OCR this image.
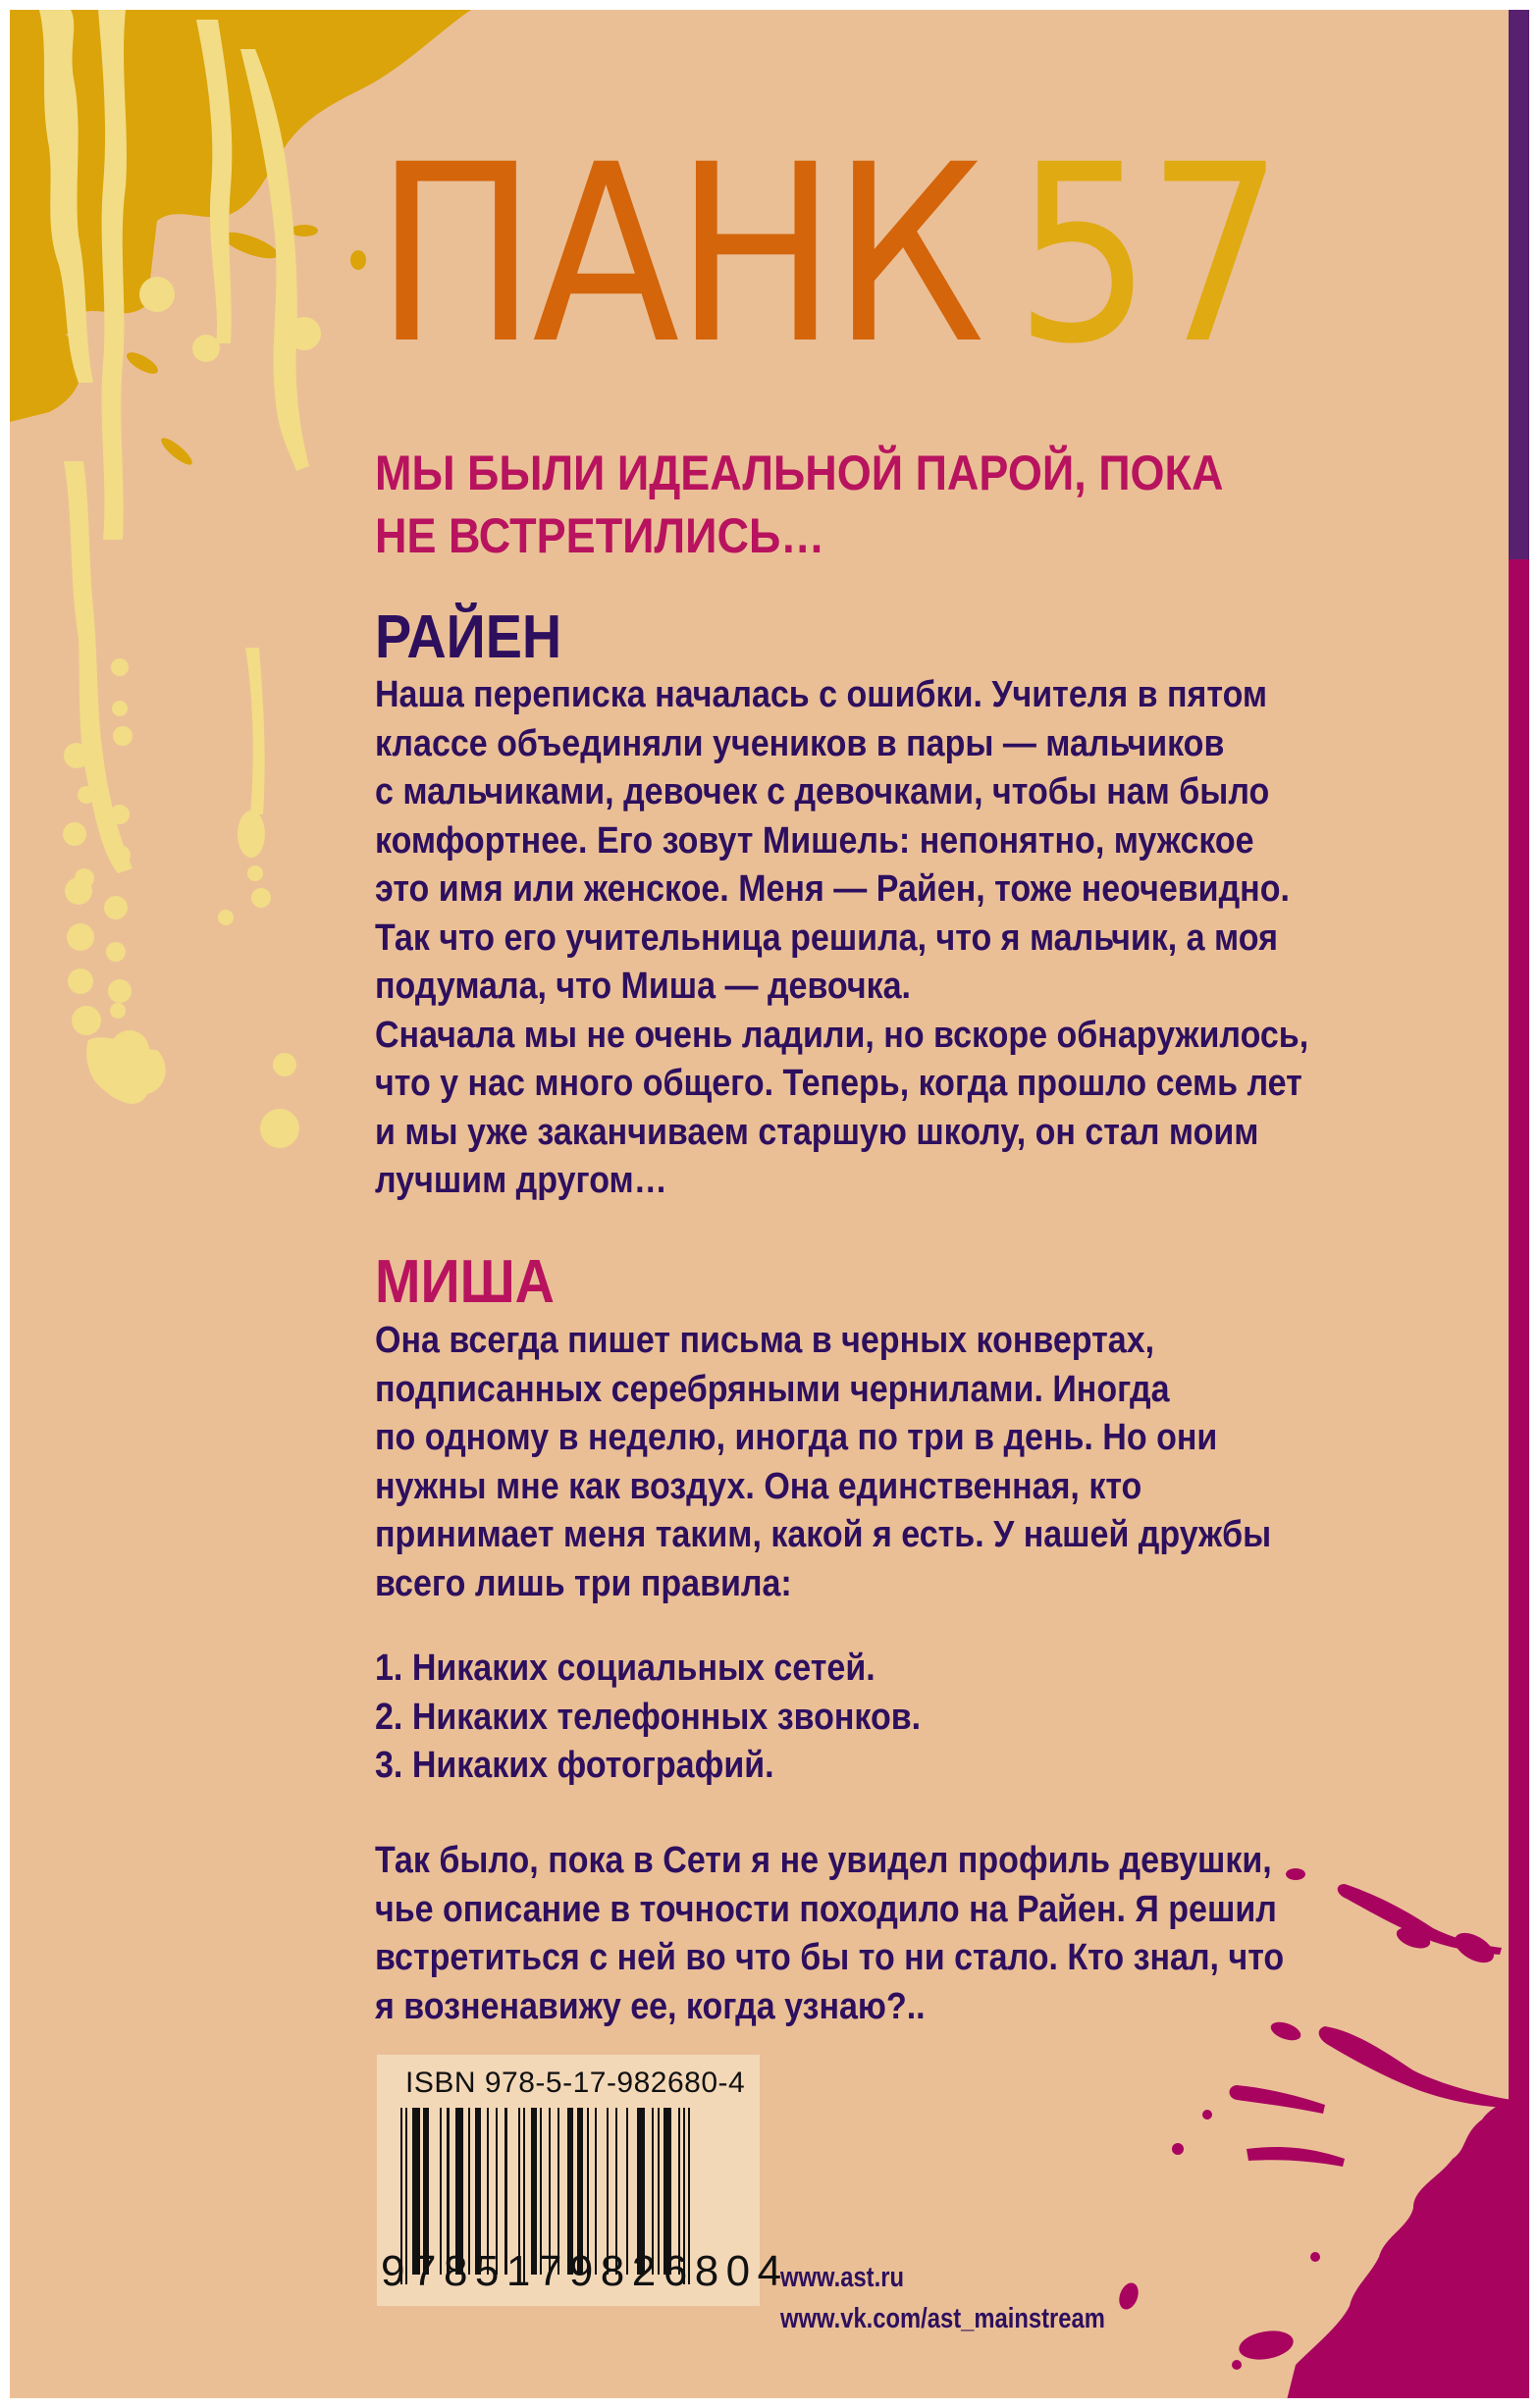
ПАНК 57
МЫ БЫЛИ ИДЕАЛЬНОЙ ПАРОЙ, ПОКА
НЕ ВСТРЕТИЛИСЬ…
РАЙЕН

Наша переписка началась с ошибки. Учителя в пятом

классе объединяли учеников в пары — мальчиков

с мальчиками, девочек с девочками, чтобы нам было

комфортнее. Его зовут Мишель: непонятно, мужское

это имя или женское. Меня — Райен, тоже неочевидно.

Так что его учительница решила, что я мальчик, а моя

подумала, что Миша — девочка.

Сначала мы не очень ладили, но вскоре обнаружилось,

что у нас много общего. Теперь, когда прошло семь лет

и мы уже заканчиваем старшую школу, он стал моим

лучшим другом…

МИША

Она всегда пишет письма в черных конвертах,

подписанных серебряными чернилами. Иногда

по одному в неделю, иногда по три в день. Но они

нужны мне как воздух. Она единственная, кто

принимает меня таким, какой я есть. У нашей дружбы

всего лишь три правила:

1. Никаких социальных сетей.

2. Никаких телефонных звонков.

3. Никаких фотографий.

Так было, пока в Сети я не увидел профиль девушки,

чье описание в точности походило на Райен. Я решил

встретиться с ней во что бы то ни стало. Кто знал, что

я возненавижу ее, когда узнаю?..

ISBN 978-5-17-982680-4
9785179826804
www.ast.ru
www.vk.com/ast_mainstream
